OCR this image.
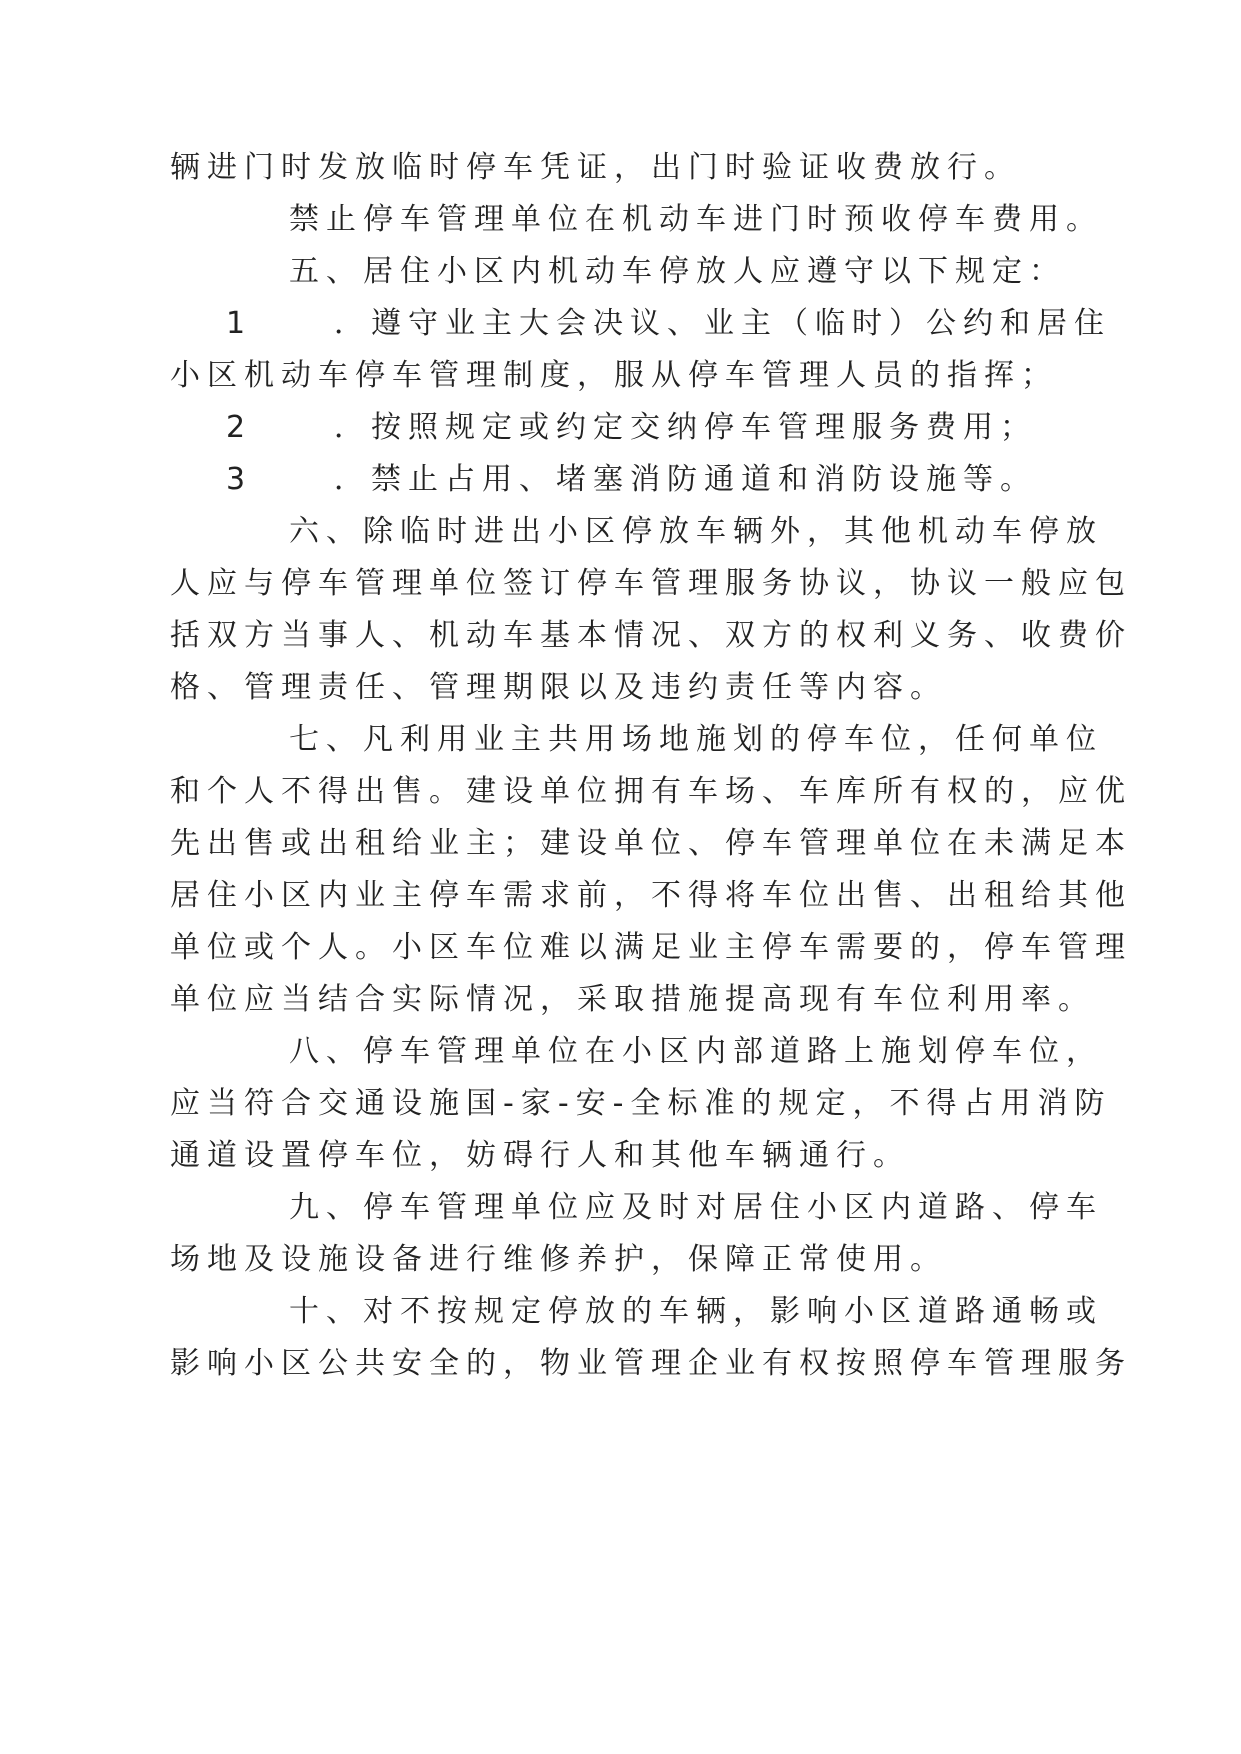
辆进门时发放临时停车凭证，出门时验证收费放行。
禁止停车管理单位在机动车进门时预收停车费用。
五、居住小区内机动车停放人应遵守以下规定：
1	．遵守业主大会决议、业主（临时）公约和居住
小区机动车停车管理制度，服从停车管理人员的指挥；
2	．按照规定或约定交纳停车管理服务费用；
3	．禁止占用、堵塞消防通道和消防设施等。
六、除临时进出小区停放车辆外，其他机动车停放
人应与停车管理单位签订停车管理服务协议，协议一般应包
括双方当事人、机动车基本情况、双方的权利义务、收费价
格、管理责任、管理期限以及违约责任等内容。
七、凡利用业主共用场地施划的停车位，任何单位
和个人不得出售。建设单位拥有车场、车库所有权的，应优
先出售或出租给业主；建设单位、停车管理单位在未满足本
居住小区内业主停车需求前，不得将车位出售、出租给其他
单位或个人。小区车位难以满足业主停车需要的，停车管理
单位应当结合实际情况，采取措施提高现有车位利用率。
八、停车管理单位在小区内部道路上施划停车位，
应当符合交通设施国-家-安-全标准的规定，不得占用消防
通道设置停车位，妨碍行人和其他车辆通行。
九、停车管理单位应及时对居住小区内道路、停车
场地及设施设备进行维修养护，保障正常使用。
十、对不按规定停放的车辆，影响小区道路通畅或
影响小区公共安全的，物业管理企业有权按照停车管理服务
